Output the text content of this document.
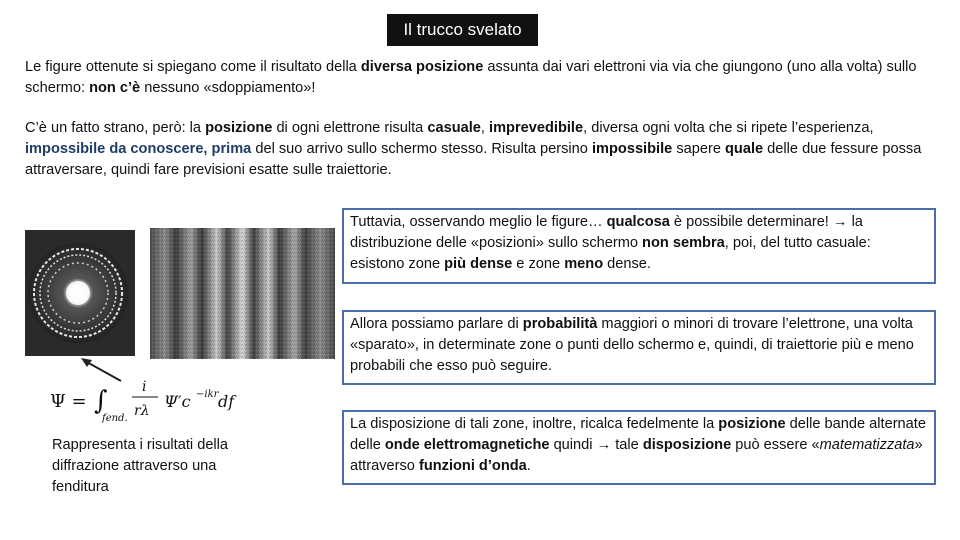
Il trucco svelato

Le figure ottenute si spiegano come il risultato della diversa posizione assunta dai vari elettroni via via che giungono (uno alla volta) sullo schermo: non c’è nessuno «sdoppiamento»!

C’è un fatto strano, però: la posizione di ogni elettrone risulta casuale, imprevedibile, diversa ogni volta che si ripete l’esperienza, impossibile da conoscere, prima del suo arrivo sullo schermo stesso. Risulta persino impossibile sapere quale delle due fessure possa attraversare, quindi fare previsioni esatte sulle traiettorie.

Ψ = ∫
fend.
i
rλ Ψ′c −ikr df
Rappresenta i risultati della diffrazione attraverso una fenditura
Tuttavia, osservando meglio le figure… qualcosa è possibile determinare! → la distribuzione delle «posizioni» sullo schermo non sembra, poi, del tutto casuale: esistono zone più dense e zone meno dense.
Allora possiamo parlare di probabilità maggiori o minori di trovare l’elettrone, una volta «sparato», in determinate zone o punti dello schermo e, quindi, di traiettorie più e meno probabili che esso può seguire.
La disposizione di tali zone, inoltre, ricalca fedelmente la posizione delle bande alternate delle onde elettromagnetiche quindi → tale disposizione può essere «matematizzata» attraverso funzioni d’onda.
